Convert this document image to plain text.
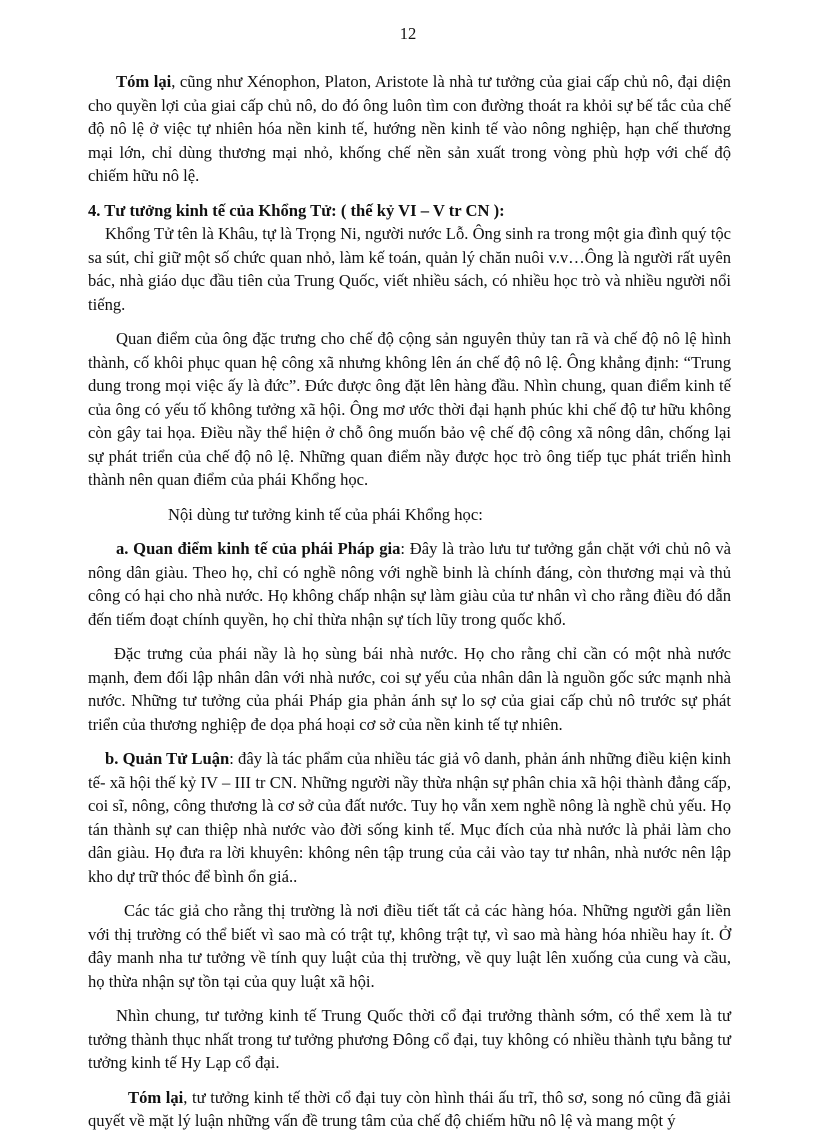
12

Tóm lại, cũng như Xénophon, Platon, Aristote là nhà tư tưởng của giai cấp chủ nô, đại diện cho quyền lợi của giai cấp chủ nô, do đó ông luôn tìm con đường thoát ra khỏi sự bế tắc của chế độ nô lệ ở việc tự nhiên hóa nền kinh tế, hướng nền kinh tế vào nông nghiệp, hạn chế thương mại lớn, chỉ dùng thương mại nhỏ, khống chế nền sản xuất trong vòng phù hợp với chế độ chiếm hữu nô lệ.

4. Tư tưởng kinh tế của Khổng Tử: ( thế kỷ VI – V tr CN ):

Khổng Tử tên là Khâu, tự là Trọng Ni, người nước Lỗ. Ông sinh ra trong một gia đình quý tộc sa sút, chỉ giữ một số chức quan nhỏ, làm kế toán, quản lý chăn nuôi v.v…Ông là người rất uyên bác, nhà giáo dục đầu tiên của Trung Quốc, viết nhiều sách, có nhiều học trò và nhiều người nổi tiếng.

Quan điểm của ông đặc trưng cho chế độ cộng sản nguyên thủy tan rã và chế độ nô lệ hình thành, cố khôi phục quan hệ công xã nhưng không lên án chế độ nô lệ. Ông khẳng định: “Trung dung trong mọi việc ấy là đức”. Đức được ông đặt lên hàng đầu. Nhìn chung, quan điểm kinh tế của ông có yếu tố không tưởng xã hội. Ông mơ ước thời đại hạnh phúc khi chế độ tư hữu không còn gây tai họa. Điều nầy thể hiện ở chỗ ông muốn bảo vệ chế độ công xã nông dân, chống lại sự phát triển của chế độ nô lệ. Những quan điểm nầy được học trò ông tiếp tục phát triển hình thành nên quan điểm của phái Khổng học.

Nội dùng tư tưởng kinh tế của phái Khổng học:

a. Quan điểm kinh tế của phái Pháp gia: Đây là trào lưu tư tưởng gắn chặt với chủ nô và nông dân giàu. Theo họ, chỉ có nghề nông với nghề binh là chính đáng, còn thương mại và thủ công có hại cho nhà nước. Họ không chấp nhận sự làm giàu của tư nhân vì cho rằng điều đó dẫn đến tiếm đoạt chính quyền, họ chỉ thừa nhận sự tích lũy trong quốc khố.

Đặc trưng của phái nầy là họ sùng bái nhà nước. Họ cho rằng chỉ cần có một nhà nước mạnh, đem đối lập nhân dân với nhà nước, coi sự yếu của nhân dân là nguồn gốc sức mạnh nhà nước. Những tư tưởng của phái Pháp gia phản ánh sự lo sợ của giai cấp chủ nô trước sự phát triển của thương nghiệp đe dọa phá hoại cơ sở của nền kinh tế tự nhiên.

b. Quản Tử Luận: đây là tác phẩm của nhiều tác giả vô danh, phản ánh những điều kiện kinh tế- xã hội thế kỷ IV – III tr CN. Những người nầy thừa nhận sự phân chia xã hội thành đẳng cấp, coi sĩ, nông, công thương là cơ sở của đất nước. Tuy họ vẫn xem nghề nông là nghề chủ yếu. Họ tán thành sự can thiệp nhà nước vào đời sống kinh tế. Mục đích của nhà nước là phải làm cho dân giàu. Họ đưa ra lời khuyên: không nên tập trung của cải vào tay tư nhân, nhà nước nên lập kho dự trữ thóc để bình ổn giá..

Các tác giả cho rằng thị trường là nơi điều tiết tất cả các hàng hóa. Những người gắn liền với thị trường có thể biết vì sao mà có trật tự, không trật tự, vì sao mà hàng hóa nhiều hay ít. Ở đây manh nha tư tưởng về tính quy luật của thị trường, về quy luật lên xuống của cung và cầu, họ thừa nhận sự tồn tại của quy luật xã hội.

Nhìn chung, tư tưởng kinh tế Trung Quốc thời cổ đại trưởng thành sớm, có thể xem là tư tưởng thành thục nhất trong tư tưởng phương Đông cổ đại, tuy không có nhiều thành tựu bằng tư tưởng kinh tế Hy Lạp cổ đại.

Tóm lại, tư tưởng kinh tế thời cổ đại tuy còn hình thái ấu trĩ, thô sơ, song nó cũng đã giải quyết về mặt lý luận những vấn đề trung tâm của chế độ chiếm hữu nô lệ và mang một ý
